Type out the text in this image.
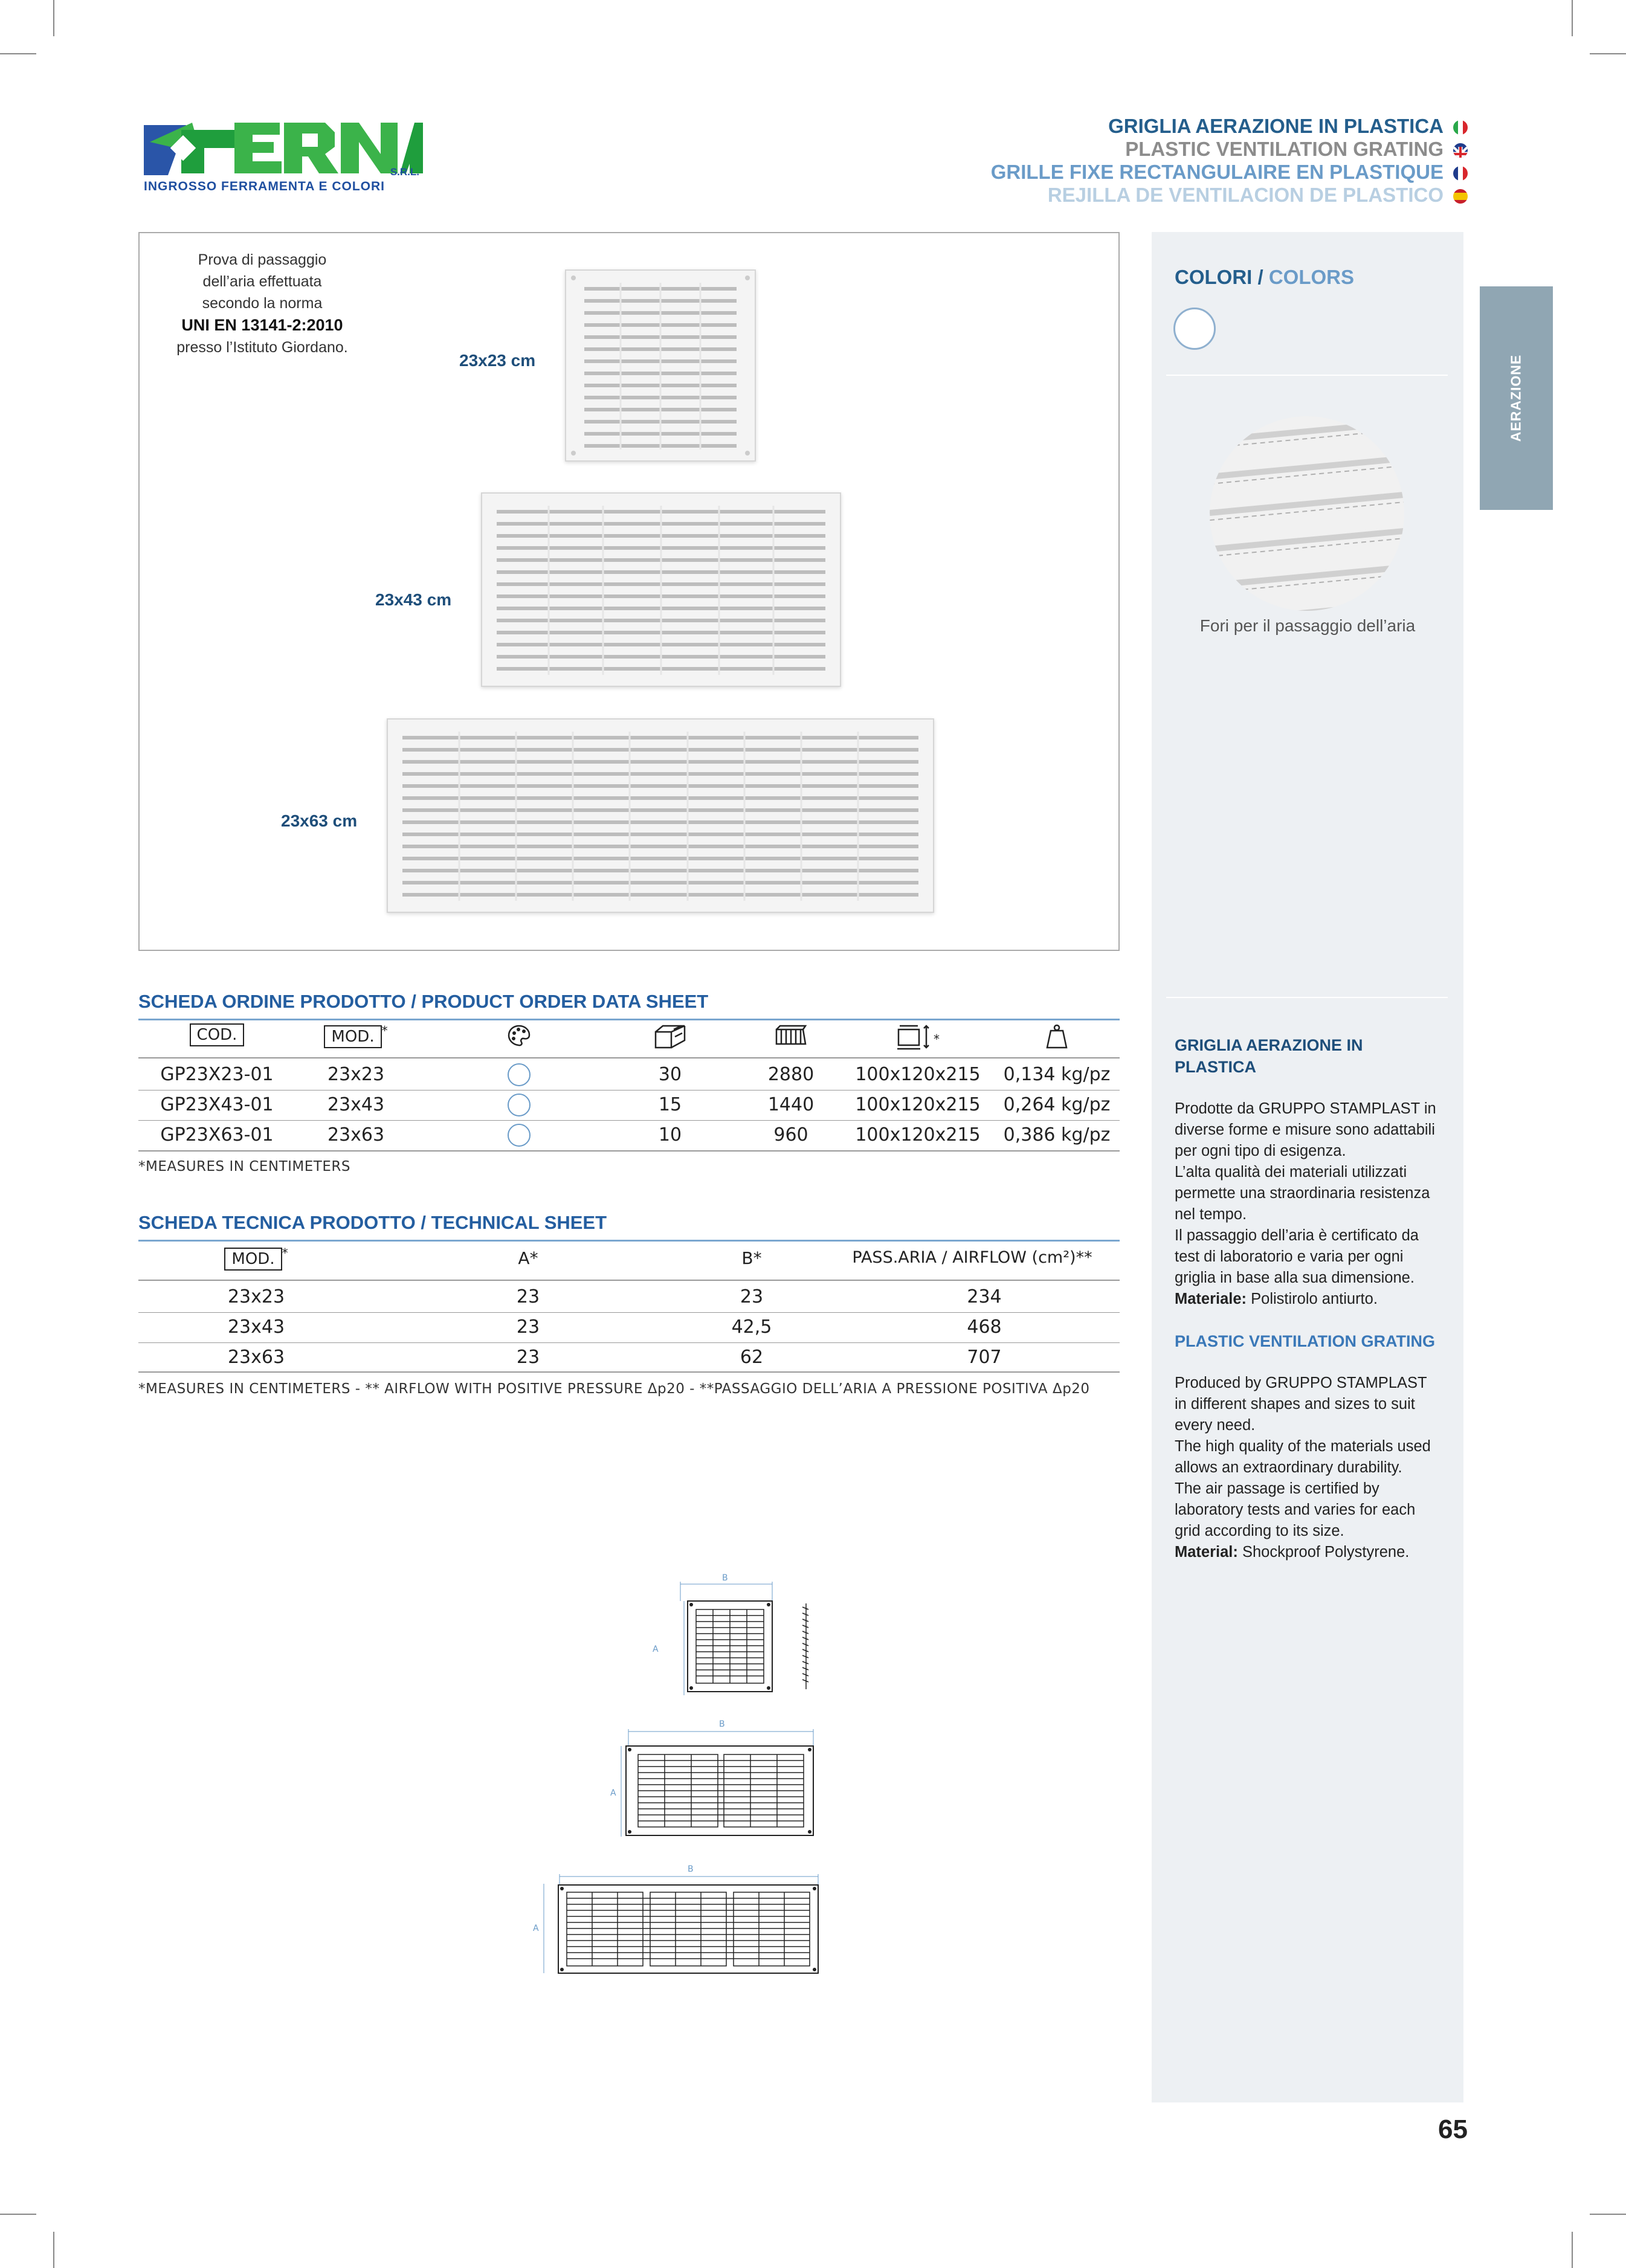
S.R.L.
INGROSSO FERRAMENTA E COLORI
GRIGLIA AERAZIONE IN PLASTICA
PLASTIC VENTILATION GRATING
GRILLE FIXE RECTANGULAIRE EN PLASTIQUE
REJILLA DE VENTILACION DE PLASTICO
Prova di passaggio
dell’aria effettuata
secondo la norma
UNI EN 13141-2:2010
presso l’Istituto Giordano.
23x23 cm
23x43 cm
23x63 cm
AERAZIONE
COLORI / COLORS
Fori per il passaggio dell’aria
GRIGLIA AERAZIONE IN PLASTICA
Prodotte da GRUPPO STAMPLAST in
diverse forme e misure sono adattabili
per ogni tipo di esigenza.
L’alta qualità dei materiali utilizzati
permette una straordinaria resistenza
nel tempo.
Il passaggio dell’aria è certificato da
test di laboratorio e varia per ogni
griglia in base alla sua dimensione.
Materiale: Polistirolo antiurto.
PLASTIC VENTILATION GRATING
Produced by GRUPPO STAMPLAST
in different shapes and sizes to suit
every need.
The high quality of the materials used
allows an extraordinary durability.
The air passage is certified by
laboratory tests and varies for each
grid according to its size.
Material: Shockproof Polystyrene.
SCHEDA ORDINE PRODOTTO / PRODUCT ORDER DATA SHEET
COD.	MOD. *
*
GP23X23-01	23x23	30	2880	100x120x215	0,134 kg/pz
GP23X43-01	23x43	15	1440	100x120x215	0,264 kg/pz
GP23X63-01	23x63	10	960	100x120x215	0,386 kg/pz
*MEASURES IN CENTIMETERS
SCHEDA TECNICA PRODOTTO / TECHNICAL SHEET
MOD. *	A*	B*	PASS.ARIA / AIRFLOW (cm²)**
23x23	23	23	234
23x43	23	42,5	468
23x63	23	62	707
*MEASURES IN CENTIMETERS - ** AIRFLOW WITH POSITIVE PRESSURE Δp20 - **PASSAGGIO DELL’ARIA A PRESSIONE POSITIVA Δp20
B
A
B
A
B
A
65
